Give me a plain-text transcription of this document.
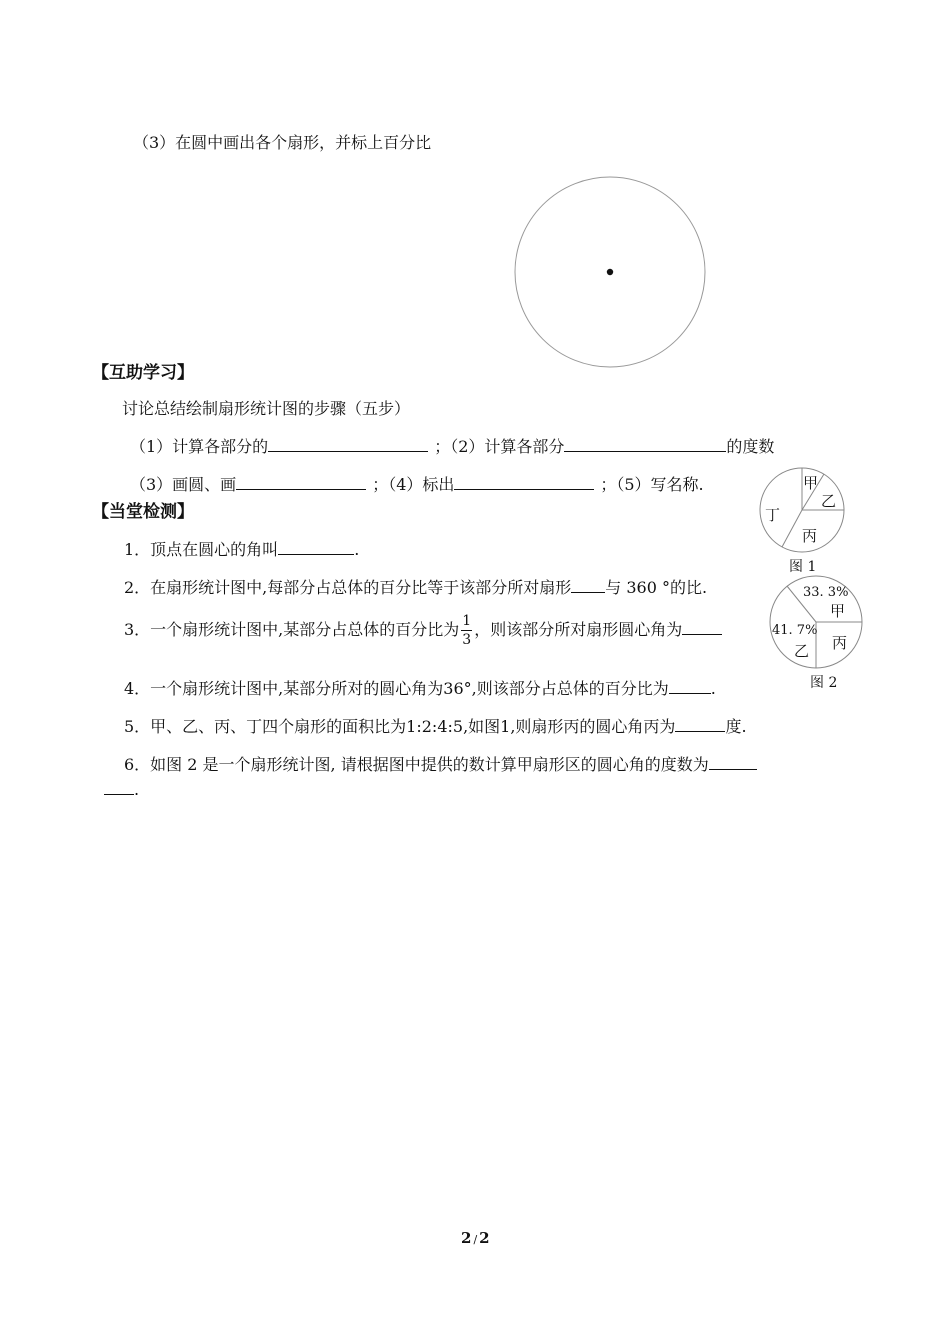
（3）在圆中画出各个扇形，并标上百分比
【互助学习】
讨论总结绘制扇形统计图的步骤（五步）
（1）计算各部分的	；（2）计算各部分	的度数
（3）画圆、画	；（4）标出	；（5）写名称.
【当堂检测】
1．顶点在圆心的角叫	.
2．在扇形统计图中,每部分占总体的百分比等于该部分所对扇形 与 360 °的比.
3．一个扇形统计图中,某部分占总体的百分比为 $\frac{1}{3}$ ，则该部分所对扇形圆心角为
4．一个扇形统计图中,某部分所对的圆心角为36°,则该部分占总体的百分比为	.
5．甲、乙、丙、丁四个扇形的面积比为1:2:4:5,如图1,则扇形丙的圆心角丙为	度.
6．如图 2 是一个扇形统计图, 请根据图中提供的数计算甲扇形区的圆心角的度数为
.
甲
乙
丙
丁
图 1
33. 3%
甲
41. 7%
丙
乙
图 2
2 / 2
